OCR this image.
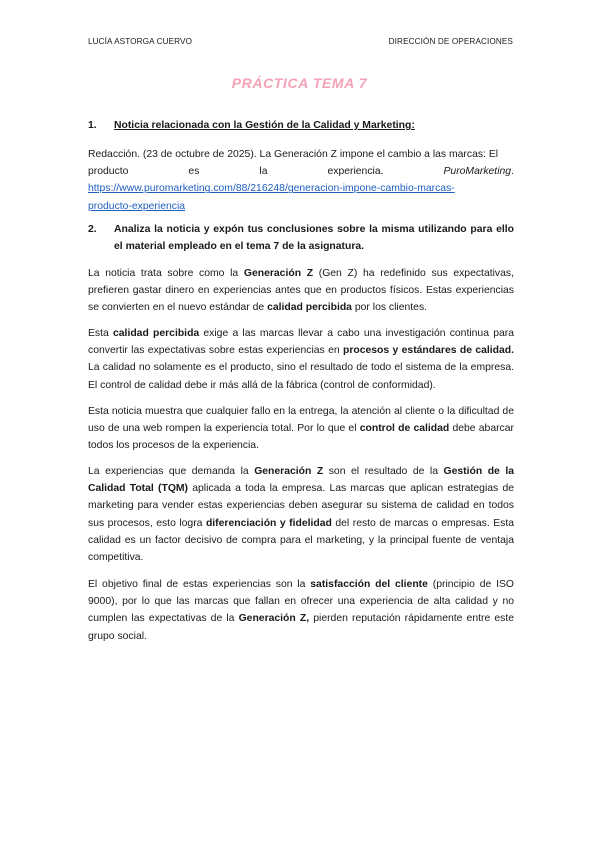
LUCÍA ASTORGA CUERVO	DIRECCIÓN DE OPERACIONES
PRÁCTICA TEMA 7
1.	Noticia relacionada con la Gestión de la Calidad y Marketing:

Redacción. (23 de octubre de 2025). La Generación Z impone el cambio a las marcas: El

producto	es	la	experiencia.	PuroMarketing.

https://www.puromarketing.com/88/216248/generacion-impone-cambio-marcas-

producto-experiencia

2.	Analiza la noticia y expón tus conclusiones sobre la misma utilizando para ello el material empleado en el tema 7 de la asignatura.

La noticia trata sobre como la Generación Z (Gen Z) ha redefinido sus expectativas, prefieren gastar dinero en experiencias antes que en productos físicos. Estas experiencias se convierten en el nuevo estándar de calidad percibida por los clientes.

Esta calidad percibida exige a las marcas llevar a cabo una investigación continua para convertir las expectativas sobre estas experiencias en procesos y estándares de calidad. La calidad no solamente es el producto, sino el resultado de todo el sistema de la empresa. El control de calidad debe ir más allá de la fábrica (control de conformidad).

Esta noticia muestra que cualquier fallo en la entrega, la atención al cliente o la dificultad de uso de una web rompen la experiencia total. Por lo que el control de calidad debe abarcar todos los procesos de la experiencia.

La experiencias que demanda la Generación Z son el resultado de la Gestión de la Calidad Total (TQM) aplicada a toda la empresa. Las marcas que aplican estrategias de marketing para vender estas experiencias deben asegurar su sistema de calidad en todos sus procesos, esto logra diferenciación y fidelidad del resto de marcas o empresas. Esta calidad es un factor decisivo de compra para el marketing, y la principal fuente de ventaja competitiva.

El objetivo final de estas experiencias son la satisfacción del cliente (principio de ISO 9000), por lo que las marcas que fallan en ofrecer una experiencia de alta calidad y no cumplen las expectativas de la Generación Z, pierden reputación rápidamente entre este grupo social.
